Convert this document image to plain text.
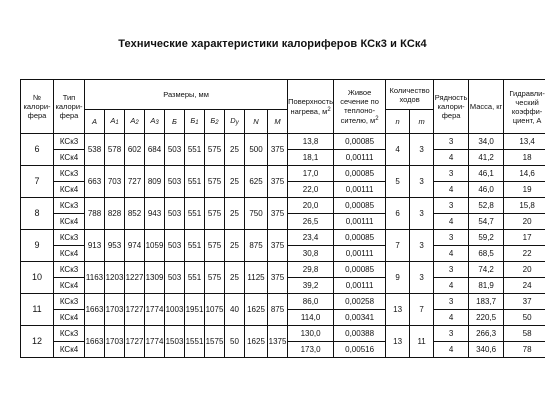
Технические характеристики калориферов КСк3 и КСк4
№ калори-фера	Тип калори-фера	Размеры, мм										Поверхность нагрева, $м^2$	Живое сечение по теплоно-сителю, $м^2$	Количество ходов		Рядность калори-фера	Масса, кг	Гидравли-ческий коэффи-циент, А
		A	A1	A2	A3	Б	Б1	Б2	Dy	N	M			n	m			
6	КСк3	538	578	602	684	503	551	575	25	500	375	13,8	0,00085	4	3	3	34,0	13,4
	КСк4											18,1	0,00111			4	41,2	18
7	КСк3	663	703	727	809	503	551	575	25	625	375	17,0	0,00085	5	3	3	46,1	14,6
	КСк4											22,0	0,00111			4	46,0	19
8	КСк3	788	828	852	943	503	551	575	25	750	375	20,0	0,00085	6	3	3	52,8	15,8
	КСк4											26,5	0,00111			4	54,7	20
9	КСк3	913	953	974	1059	503	551	575	25	875	375	23,4	0,00085	7	3	3	59,2	17
	КСк4											30,8	0,00111			4	68,5	22
10	КСк3	1163	1203	1227	1309	503	551	575	25	1125	375	29,8	0,00085	9	3	3	74,2	20
	КСк4											39,2	0,00111			4	81,9	24
11	КСк3	1663	1703	1727	1774	1003	1951	1075	40	1625	875	86,0	0,00258	13	7	3	183,7	37
	КСк4											114,0	0,00341			4	220,5	50
12	КСк3	1663	1703	1727	1774	1503	1551	1575	50	1625	1375	130,0	0,00388	13	11	3	266,3	58
	КСк4											173,0	0,00516			4	340,6	78
